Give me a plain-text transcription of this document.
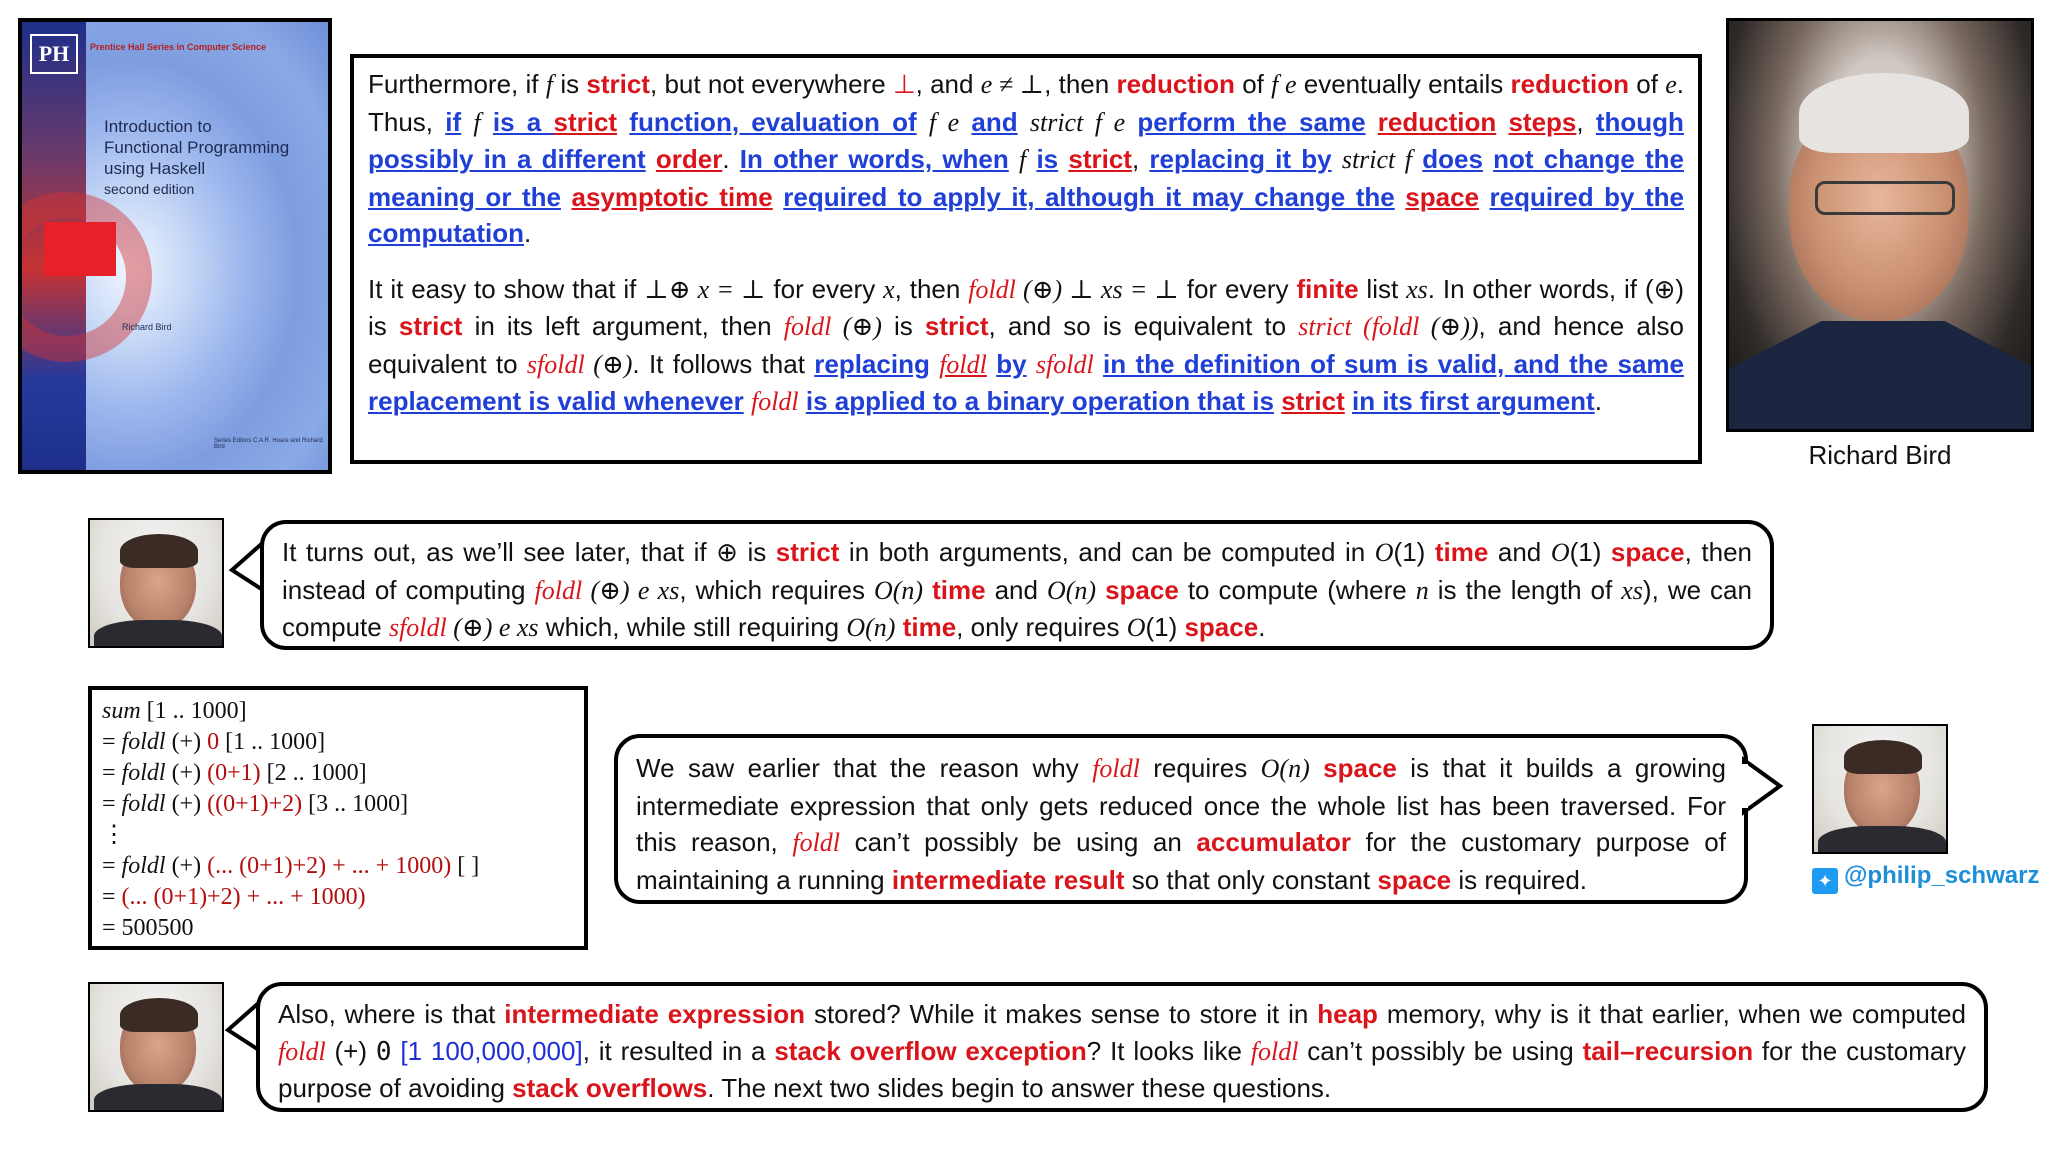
PH	Prentice Hall Series in Computer Science
Introduction to
Functional Programming
using Haskell
second edition
Richard Bird
Series Editors C.A.R. Hoare and Richard Bird

Furthermore, if f is strict, but not everywhere ⊥, and e ≠ ⊥, then reduction of f e eventually entails reduction of e. Thus, if f is a strict function, evaluation of f e and strict f e perform the same reduction steps, though possibly in a different order. In other words, when f is strict, replacing it by strict f does not change the meaning or the asymptotic time required to apply it, although it may change the space required by the computation.

It it easy to show that if ⊥⊕ x = ⊥ for every x, then foldl (⊕) ⊥ xs = ⊥ for every finite list xs. In other words, if (⊕) is strict in its left argument, then foldl (⊕) is strict, and so is equivalent to strict (foldl (⊕)), and hence also equivalent to sfoldl (⊕). It follows that replacing foldl by sfoldl in the definition of sum is valid, and the same replacement is valid whenever foldl is applied to a binary operation that is strict in its first argument.

Richard Bird
It turns out, as we’ll see later, that if ⊕ is strict in both arguments, and can be computed in O(1) time and O(1) space, then instead of computing foldl (⊕) e xs, which requires O(n) time and O(n) space to compute (where n is the length of xs), we can compute sfoldl (⊕) e xs which, while still requiring O(n) time, only requires O(1) space.
sum [1 .. 1000]
= foldl (+) 0 [1 .. 1000]
= foldl (+) (0+1) [2 .. 1000]
= foldl (+) ((0+1)+2) [3 .. 1000]
⋮
= foldl (+) (... (0+1)+2) + ... + 1000) [ ]
= (... (0+1)+2) + ... + 1000)
= 500500
We saw earlier that the reason why foldl requires O(n) space is that it builds a growing intermediate expression that only gets reduced once the whole list has been traversed. For this reason, foldl can’t possibly be using an accumulator for the customary purpose of maintaining a running intermediate result so that only constant space is required.	✦ @philip_schwarz
Also, where is that intermediate expression stored? While it makes sense to store it in heap memory, why is it that earlier, when we computed foldl (+) 0 [1 100,000,000], it resulted in a stack overflow exception? It looks like foldl can’t possibly be using tail–recursion for the customary purpose of avoiding stack overflows. The next two slides begin to answer these questions.
